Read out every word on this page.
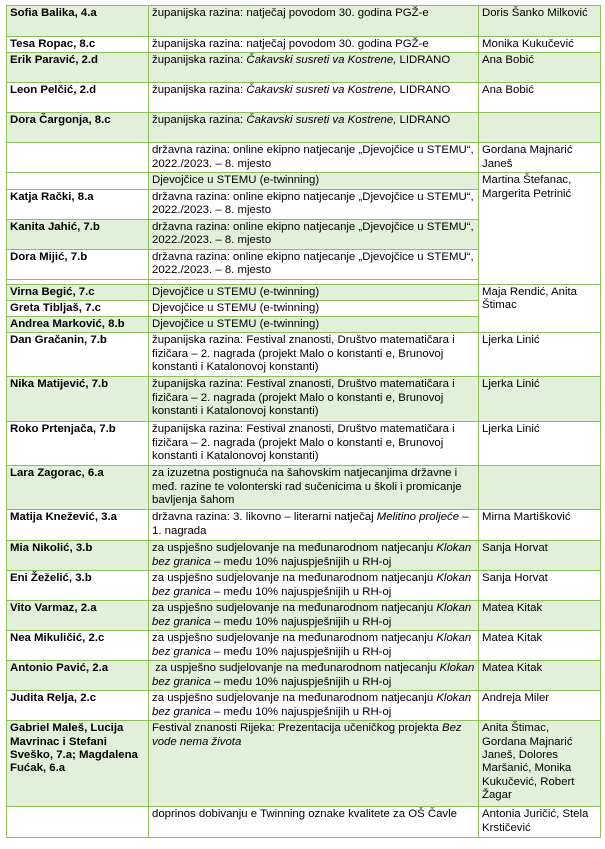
Sofia Balika, 4.a	županijska razina: natječaj povodom 30. godina PGŽ-e	Doris Šanko Milković
Tesa Ropac, 8.c	županijska razina: natječaj povodom 30. godina PGŽ-e	Monika Kukučević
Erik Paravić, 2.d	županijska razina: Čakavski susreti va Kostrene, LIDRANO	Ana Bobić
Leon Pelčić, 2.d	županijska razina: Čakavski susreti va Kostrene, LIDRANO	Ana Bobić
Dora Čargonja, 8.c	županijska razina: Čakavski susreti va Kostrene, LIDRANO	
	državna razina: online ekipno natjecanje „Djevojčice u STEMU“, 2022./2023. – 8. mjesto	Gordana Majnarić Janeš
	Djevojčice u STEMU (e-twinning)	Martina Štefanac, Margerita Petrinić
Katja Rački, 8.a	državna razina: online ekipno natjecanje „Djevojčice u STEMU“, 2022./2023. – 8. mjesto	
Kanita Jahić, 7.b	državna razina: online ekipno natjecanje „Djevojčice u STEMU“, 2022./2023. – 8. mjesto	
Dora Mijić, 7.b	državna razina: online ekipno natjecanje „Djevojčice u STEMU“, 2022./2023. – 8. mjesto	

Virna Begić, 7.c	Djevojčice u STEMU (e-twinning)	Maja Rendić, Anita Štimac
Greta Tibljaš, 7.c	Djevojčice u STEMU (e-twinning)	
Andrea Marković, 8.b	Djevojčice u STEMU (e-twinning)	
Dan Gračanin, 7.b	županijska razina: Festival znanosti, Društvo matematičara i fizičara – 2. nagrada (projekt Malo o konstanti e, Brunovoj konstanti i Katalonovoj konstanti)	Ljerka Linić
Nika Matijević, 7.b	županijska razina: Festival znanosti, Društvo matematičara i fizičara – 2. nagrada (projekt Malo o konstanti e, Brunovoj konstanti i Katalonovoj konstanti)	Ljerka Linić
Roko Prtenjača, 7.b	županijska razina: Festival znanosti, Društvo matematičara i fizičara – 2. nagrada (projekt Malo o konstanti e, Brunovoj konstanti i Katalonovoj konstanti)	Ljerka Linić
Lara Zagorac, 6.a	za izuzetna postignuća na šahovskim natjecanjima državne i međ. razine te volonterski rad sučenicima u školi i promicanje bavljenja šahom	
Matija Knežević, 3.a	državna razina: 3. likovno – literarni natječaj Melitino proljeće – 1. nagrada	Mirna Martišković
Mia Nikolić, 3.b	za uspješno sudjelovanje na međunarodnom natjecanju Klokan bez granica – među 10% najuspješnijih u RH-oj	Sanja Horvat
Eni Žeželić, 3.b	za uspješno sudjelovanje na međunarodnom natjecanju Klokan bez granica – među 10% najuspješnijih u RH-oj	Sanja Horvat
Vito Varmaz, 2.a	za uspješno sudjelovanje na međunarodnom natjecanju Klokan bez granica – među 10% najuspješnijih u RH-oj	Matea Kitak
Nea Mikuličić, 2.c	za uspješno sudjelovanje na međunarodnom natjecanju Klokan bez granica – među 10% najuspješnijih u RH-oj	Matea Kitak
Antonio Pavić, 2.a	za uspješno sudjelovanje na međunarodnom natjecanju Klokan bez granica – među 10% najuspješnijih u RH-oj	Matea Kitak
Judita Relja, 2.c	za uspješno sudjelovanje na međunarodnom natjecanju Klokan bez granica – među 10% najuspješnijih u RH-oj	Andreja Miler
Gabriel Maleš, Lucija Mavrinac i Stefani Sveško, 7.a; Magdalena Fućak, 6.a	Festival znanosti Rijeka: Prezentacija učeničkog projekta Bez vode nema života	Anita Štimac, Gordana Majnarić Janeš, Dolores Maršanić, Monika Kukučević, Robert Žagar
	doprinos dobivanju e Twinning oznake kvalitete za OŠ Čavle	Antonia Juričić, Stela Krstičević
